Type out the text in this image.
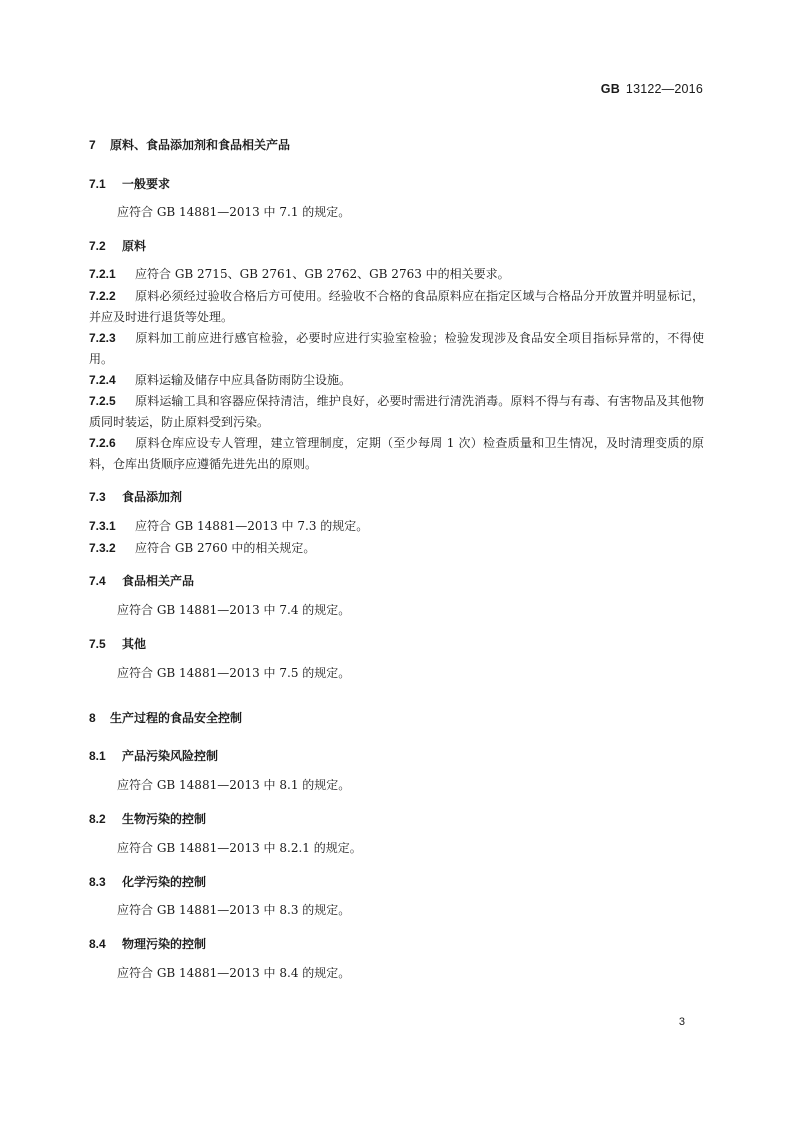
GB 13122—2016
7 原料、食品添加剂和食品相关产品
7.1 一般要求
应符合 GB 14881—2013 中 7.1 的规定。
7.2 原料
7.2.1 应符合 GB 2715、GB 2761、GB 2762、GB 2763 中的相关要求。
7.2.2 原料必须经过验收合格后方可使用。经验收不合格的食品原料应在指定区域与合格品分开放置并明显标记，并应及时进行退货等处理。
7.2.3 原料加工前应进行感官检验，必要时应进行实验室检验；检验发现涉及食品安全项目指标异常的，不得使用。
7.2.4 原料运输及储存中应具备防雨防尘设施。
7.2.5 原料运输工具和容器应保持清洁，维护良好，必要时需进行清洗消毒。原料不得与有毒、有害物品及其他物质同时装运，防止原料受到污染。
7.2.6 原料仓库应设专人管理，建立管理制度，定期（至少每周 1 次）检查质量和卫生情况，及时清理变质的原料，仓库出货顺序应遵循先进先出的原则。
7.3 食品添加剂
7.3.1 应符合 GB 14881—2013 中 7.3 的规定。
7.3.2 应符合 GB 2760 中的相关规定。
7.4 食品相关产品
应符合 GB 14881—2013 中 7.4 的规定。
7.5 其他
应符合 GB 14881—2013 中 7.5 的规定。
8 生产过程的食品安全控制
8.1 产品污染风险控制
应符合 GB 14881—2013 中 8.1 的规定。
8.2 生物污染的控制
应符合 GB 14881—2013 中 8.2.1 的规定。
8.3 化学污染的控制
应符合 GB 14881—2013 中 8.3 的规定。
8.4 物理污染的控制
应符合 GB 14881—2013 中 8.4 的规定。
3
